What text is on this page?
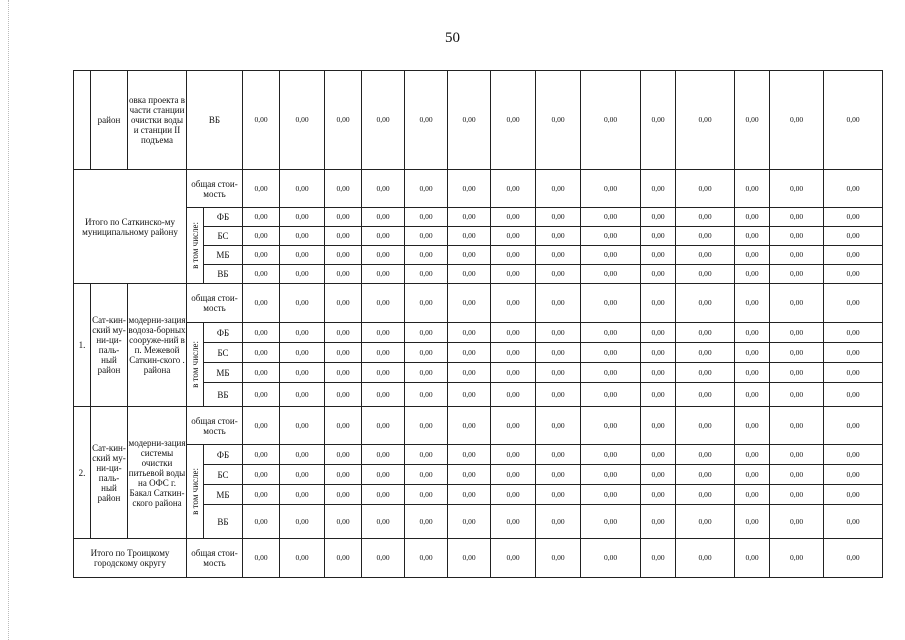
50
	район	овка проекта в части станции очистки воды и станции II подъема	ВБ		0,00	0,00	0,00	0,00	0,00	0,00	0,00	0,00	0,00	0,00	0,00	0,00	0,00	0,00
Итого по Саткинско-му муниципальному району			общая стои-мость		0,00	0,00	0,00	0,00	0,00	0,00	0,00	0,00	0,00	0,00	0,00	0,00	0,00	0,00

			в том числе:	ФБ	0,00	0,00	0,00	0,00	0,00	0,00	0,00	0,00	0,00	0,00	0,00	0,00	0,00	0,00
				БС	0,00	0,00	0,00	0,00	0,00	0,00	0,00	0,00	0,00	0,00	0,00	0,00	0,00	0,00
				МБ	0,00	0,00	0,00	0,00	0,00	0,00	0,00	0,00	0,00	0,00	0,00	0,00	0,00	0,00
				ВБ	0,00	0,00	0,00	0,00	0,00	0,00	0,00	0,00	0,00	0,00	0,00	0,00	0,00	0,00
1.	Сат-кин-ский му-ни-ци-паль-ный район	модерни-зация водоза-борных сооруже-ний в п. Межевой Саткин-ского . района	общая стои-мость		0,00	0,00	0,00	0,00	0,00	0,00	0,00	0,00	0,00	0,00	0,00	0,00	0,00	0,00

			в том числе:	ФБ	0,00	0,00	0,00	0,00	0,00	0,00	0,00	0,00	0,00	0,00	0,00	0,00	0,00	0,00
				БС	0,00	0,00	0,00	0,00	0,00	0,00	0,00	0,00	0,00	0,00	0,00	0,00	0,00	0,00
				МБ	0,00	0,00	0,00	0,00	0,00	0,00	0,00	0,00	0,00	0,00	0,00	0,00	0,00	0,00
				ВБ	0,00	0,00	0,00	0,00	0,00	0,00	0,00	0,00	0,00	0,00	0,00	0,00	0,00	0,00
2.	Сат-кин-ский му-ни-ци-паль-ный район	модерни-зация системы очистки питьевой воды на ОФС г. Бакал Саткин-ского района	общая стои-мость		0,00	0,00	0,00	0,00	0,00	0,00	0,00	0,00	0,00	0,00	0,00	0,00	0,00	0,00

			в том числе:	ФБ	0,00	0,00	0,00	0,00	0,00	0,00	0,00	0,00	0,00	0,00	0,00	0,00	0,00	0,00
				БС	0,00	0,00	0,00	0,00	0,00	0,00	0,00	0,00	0,00	0,00	0,00	0,00	0,00	0,00
				МБ	0,00	0,00	0,00	0,00	0,00	0,00	0,00	0,00	0,00	0,00	0,00	0,00	0,00	0,00
				ВБ	0,00	0,00	0,00	0,00	0,00	0,00	0,00	0,00	0,00	0,00	0,00	0,00	0,00	0,00
Итого по Троицкому городскому округу			общая стои-мость		0,00	0,00	0,00	0,00	0,00	0,00	0,00	0,00	0,00	0,00	0,00	0,00	0,00	0,00
